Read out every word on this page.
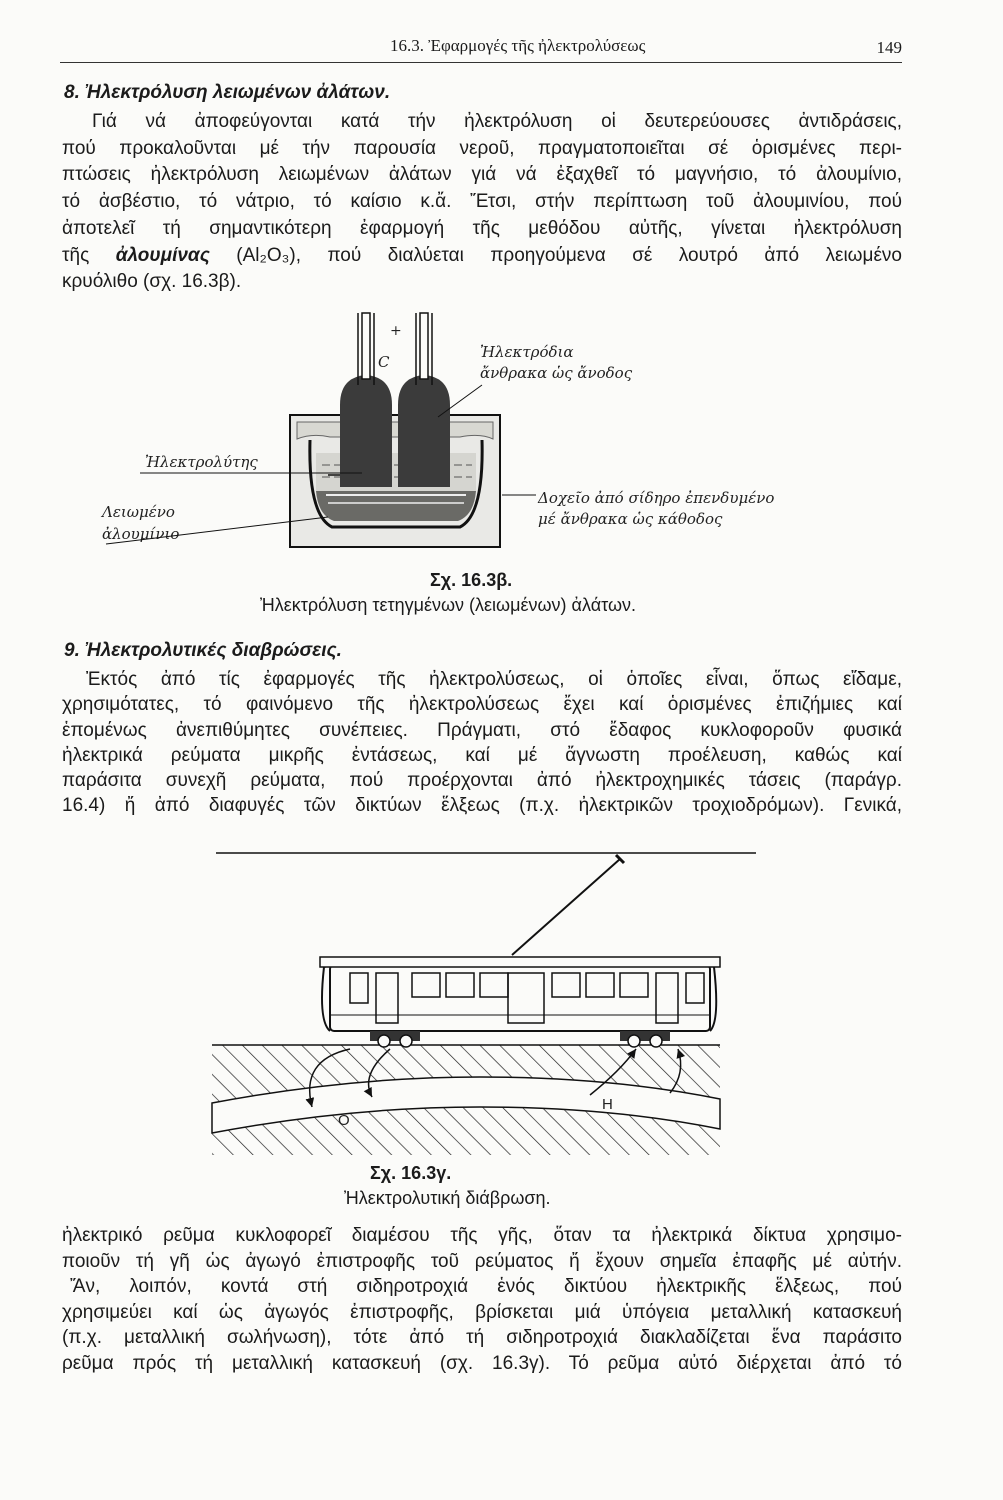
16.3. Ἐφαρμογές τῆς ἠλεκτρολύσεως	149
8. Ἠλεκτρόλυση λειωμένων ἀλάτων.
Γιά νά ἀποφεύγονται κατά τήν ἠλεκτρόλυση οἱ δευτερεύουσες ἀντιδράσεις,
πού προκαλοῦνται μέ τήν παρουσία νεροῦ, πραγματοποιεῖται σέ ὁρισμένες περι-
πτώσεις ἠλεκτρόλυση λειωμένων ἀλάτων γιά νά ἐξαχθεῖ τό μαγνήσιο, τό ἀλουμίνιο,
τό ἀσβέστιο, τό νάτριο, τό καίσιο κ.ἄ. Ἔτσι, στήν περίπτωση τοῦ ἀλουμινίου, πού
ἀποτελεῖ τή σημαντικότερη ἐφαρμογή τῆς μεθόδου αὐτῆς, γίνεται ἠλεκτρόλυση
τῆς ἀλουμίνας (Al₂O₃), πού διαλύεται προηγούμενα σέ λουτρό ἀπό λειωμένο
κρυόλιθο (σχ. 16.3β).
+
C
Ἠλεκτρόδια
ἄνθρακα ὡς ἄνοδος
Ἠλεκτρολύτης
Λειωμένο
ἀλουμίνιο
Δοχεῖο ἀπό σίδηρο ἐπενδυμένο
μέ ἄνθρακα ὡς κάθοδος
Σχ. 16.3β.
Ἠλεκτρόλυση τετηγμένων (λειωμένων) ἀλάτων.
9. Ἠλεκτρολυτικές διαβρώσεις.
Ἐκτός ἀπό τίς ἐφαρμογές τῆς ἠλεκτρολύσεως, οἱ ὁποῖες εἶναι, ὅπως εἴδαμε,
χρησιμότατες, τό φαινόμενο τῆς ἠλεκτρολύσεως ἔχει καί ὁρισμένες ἐπιζήμιες καί
ἑπομένως ἀνεπιθύμητες συνέπειες. Πράγματι, στό ἔδαφος κυκλοφοροῦν φυσικά
ἠλεκτρικά ρεύματα μικρῆς ἐντάσεως, καί μέ ἄγνωστη προέλευση, καθώς καί
παράσιτα συνεχῆ ρεύματα, πού προέρχονται ἀπό ἠλεκτροχημικές τάσεις (παράγρ.
16.4) ἤ ἀπό διαφυγές τῶν δικτύων ἕλξεως (π.χ. ἠλεκτρικῶν τροχιοδρόμων). Γενικά,
O
H
Σχ. 16.3γ.
Ἠλεκτρολυτική διάβρωση.
ἠλεκτρικό ρεῦμα κυκλοφορεῖ διαμέσου τῆς γῆς, ὅταν τα ἠλεκτρικά δίκτυα χρησιμο-
ποιοῦν τή γῆ ὡς ἀγωγό ἐπιστροφῆς τοῦ ρεύματος ἤ ἔχουν σημεῖα ἐπαφῆς μέ αὐτήν.
Ἄν, λοιπόν, κοντά στή σιδηροτροχιά ἑνός δικτύου ἠλεκτρικῆς ἕλξεως, πού
χρησιμεύει καί ὡς ἀγωγός ἐπιστροφῆς, βρίσκεται μιά ὑπόγεια μεταλλική κατασκευή
(π.χ. μεταλλική σωλήνωση), τότε ἀπό τή σιδηροτροχιά διακλαδίζεται ἕνα παράσιτο
ρεῦμα πρός τή μεταλλική κατασκευή (σχ. 16.3γ). Τό ρεῦμα αὐτό διέρχεται ἀπό τό
